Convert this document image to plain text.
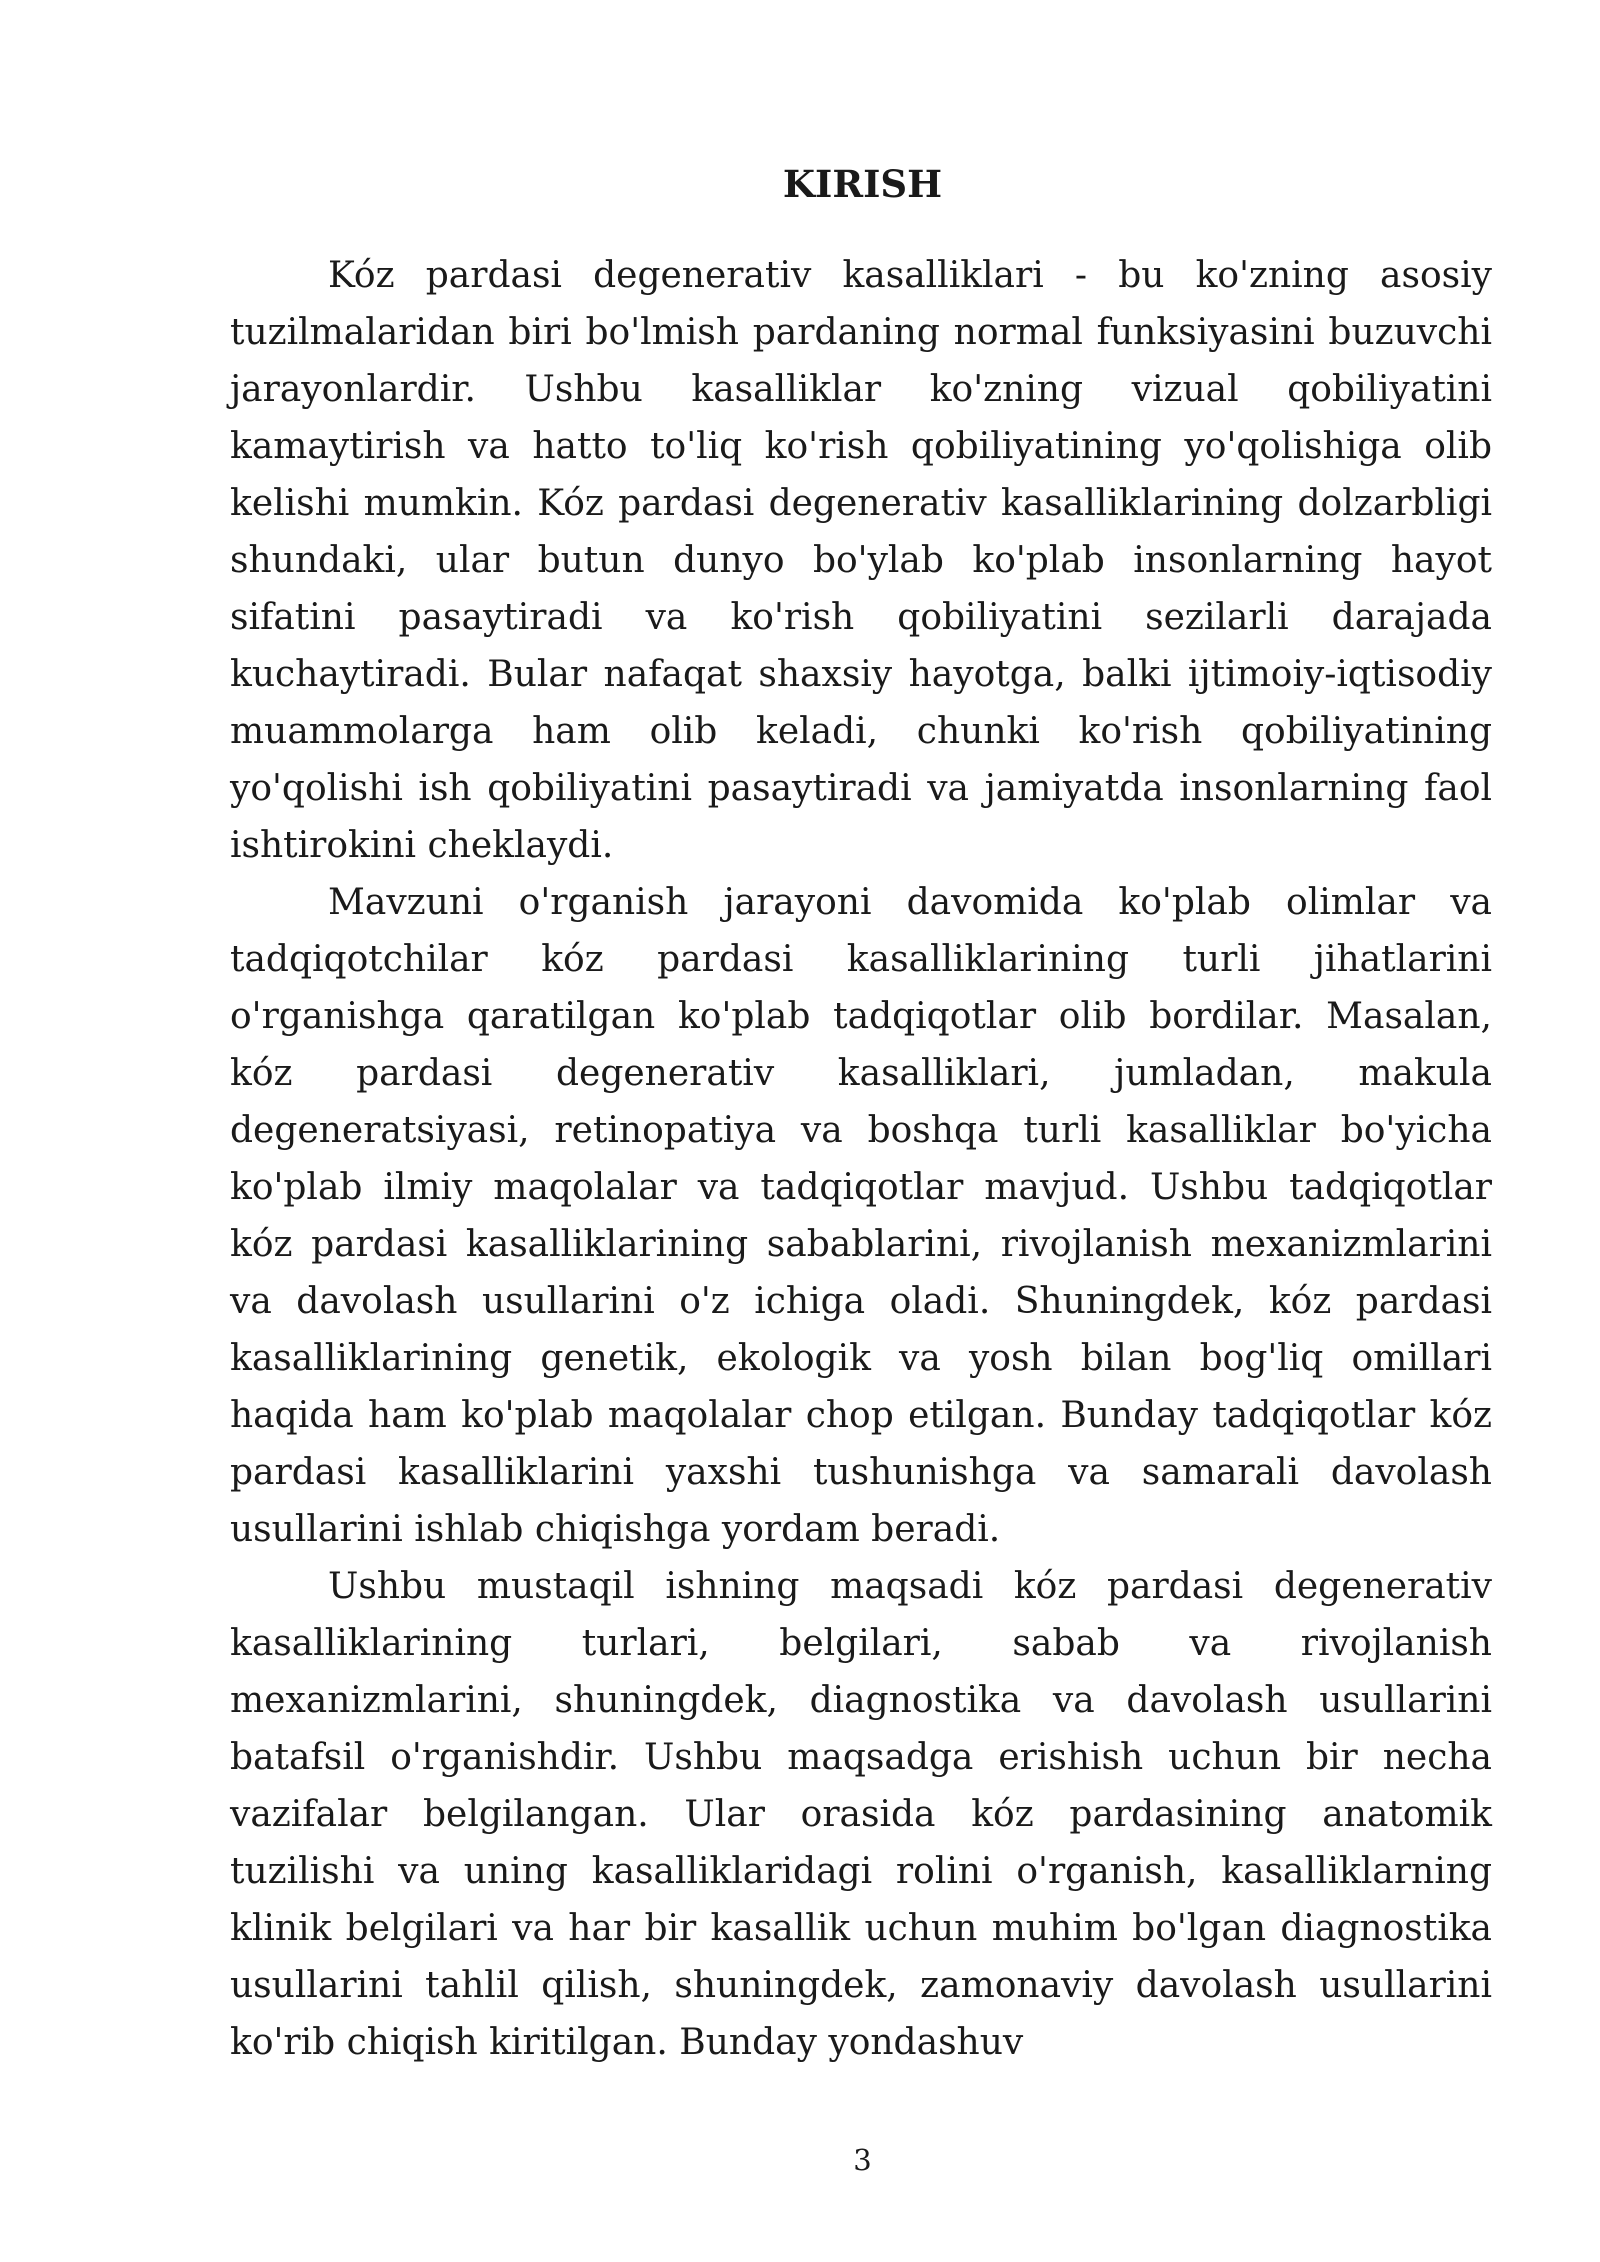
KIRISH

Kóz pardasi degenerativ kasalliklari - bu ko'zning asosiy tuzilmalaridan biri bo'lmish pardaning normal funksiyasini buzuvchi jarayonlardir. Ushbu kasalliklar ko'zning vizual qobiliyatini kamaytirish va hatto to'liq ko'rish qobiliyatining yo'qolishiga olib kelishi mumkin. Kóz pardasi degenerativ kasalliklarining dolzarbligi shundaki, ular butun dunyo bo'ylab ko'plab insonlarning hayot sifatini pasaytiradi va ko'rish qobiliyatini sezilarli darajada kuchaytiradi. Bular nafaqat shaxsiy hayotga, balki ijtimoiy-iqtisodiy muammolarga ham olib keladi, chunki ko'rish qobiliyatining yo'qolishi ish qobiliyatini pasaytiradi va jamiyatda insonlarning faol ishtirokini cheklaydi.

Mavzuni o'rganish jarayoni davomida ko'plab olimlar va tadqiqotchilar kóz pardasi kasalliklarining turli jihatlarini o'rganishga qaratilgan ko'plab tadqiqotlar olib bordilar. Masalan, kóz pardasi degenerativ kasalliklari, jumladan, makula degeneratsiyasi, retinopatiya va boshqa turli kasalliklar bo'yicha ko'plab ilmiy maqolalar va tadqiqotlar mavjud. Ushbu tadqiqotlar kóz pardasi kasalliklarining sabablarini, rivojlanish mexanizmlarini va davolash usullarini o'z ichiga oladi. Shuningdek, kóz pardasi kasalliklarining genetik, ekologik va yosh bilan bog'liq omillari haqida ham ko'plab maqolalar chop etilgan. Bunday tadqiqotlar kóz pardasi kasalliklarini yaxshi tushunishga va samarali davolash usullarini ishlab chiqishga yordam beradi.

Ushbu mustaqil ishning maqsadi kóz pardasi degenerativ kasalliklarining turlari, belgilari, sabab va rivojlanish mexanizmlarini, shuningdek, diagnostika va davolash usullarini batafsil o'rganishdir. Ushbu maqsadga erishish uchun bir necha vazifalar belgilangan. Ular orasida kóz pardasining anatomik tuzilishi va uning kasalliklaridagi rolini o'rganish, kasalliklarning klinik belgilari va har bir kasallik uchun muhim bo'lgan diagnostika usullarini tahlil qilish, shuningdek, zamonaviy davolash usullarini ko'rib chiqish kiritilgan. Bunday yondashuv

3
